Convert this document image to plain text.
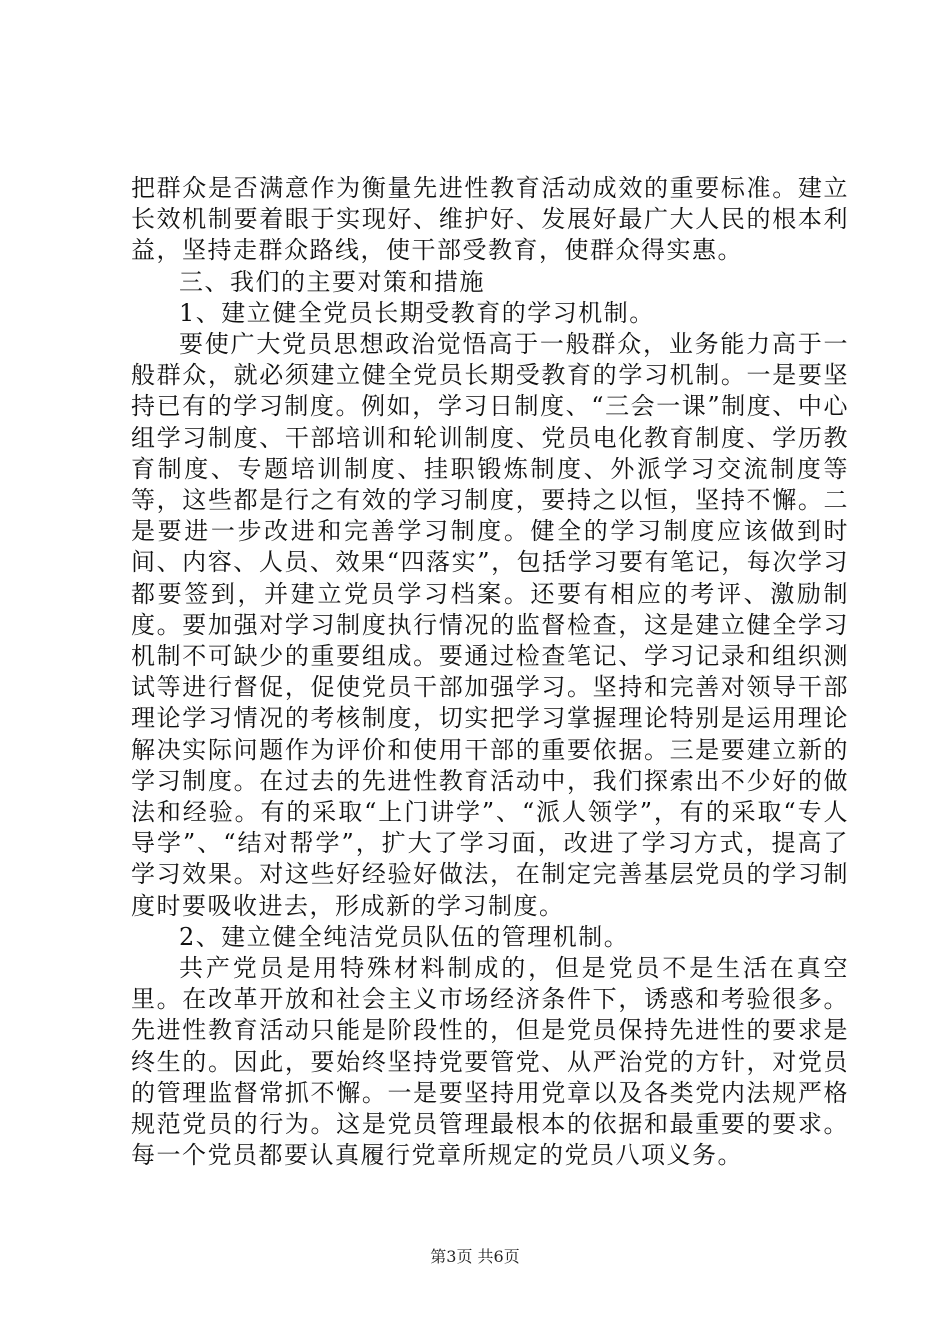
把群众是否满意作为衡量先进性教育活动成效的重要标准。建立长效机制要着眼于实现好、维护好、发展好最广大人民的根本利益，坚持走群众路线，使干部受教育，使群众得实惠。

三、我们的主要对策和措施

1、建立健全党员长期受教育的学习机制。

要使广大党员思想政治觉悟高于一般群众，业务能力高于一般群众，就必须建立健全党员长期受教育的学习机制。一是要坚持已有的学习制度。例如，学习日制度、“三会一课”制度、中心组学习制度、干部培训和轮训制度、党员电化教育制度、学历教育制度、专题培训制度、挂职锻炼制度、外派学习交流制度等等，这些都是行之有效的学习制度，要持之以恒，坚持不懈。二是要进一步改进和完善学习制度。健全的学习制度应该做到时间、内容、人员、效果“四落实”，包括学习要有笔记，每次学习都要签到，并建立党员学习档案。还要有相应的考评、激励制度。要加强对学习制度执行情况的监督检查，这是建立健全学习机制不可缺少的重要组成。要通过检查笔记、学习记录和组织测试等进行督促，促使党员干部加强学习。坚持和完善对领导干部理论学习情况的考核制度，切实把学习掌握理论特别是运用理论解决实际问题作为评价和使用干部的重要依据。三是要建立新的学习制度。在过去的先进性教育活动中，我们探索出不少好的做法和经验。有的采取“上门讲学”、“派人领学”，有的采取“专人导学”、“结对帮学”，扩大了学习面，改进了学习方式，提高了学习效果。对这些好经验好做法，在制定完善基层党员的学习制度时要吸收进去，形成新的学习制度。

2、建立健全纯洁党员队伍的管理机制。

共产党员是用特殊材料制成的，但是党员不是生活在真空里。在改革开放和社会主义市场经济条件下，诱惑和考验很多。先进性教育活动只能是阶段性的，但是党员保持先进性的要求是终生的。因此，要始终坚持党要管党、从严治党的方针，对党员的管理监督常抓不懈。一是要坚持用党章以及各类党内法规严格规范党员的行为。这是党员管理最根本的依据和最重要的要求。每一个党员都要认真履行党章所规定的党员八项义务。

第3页 共6页
